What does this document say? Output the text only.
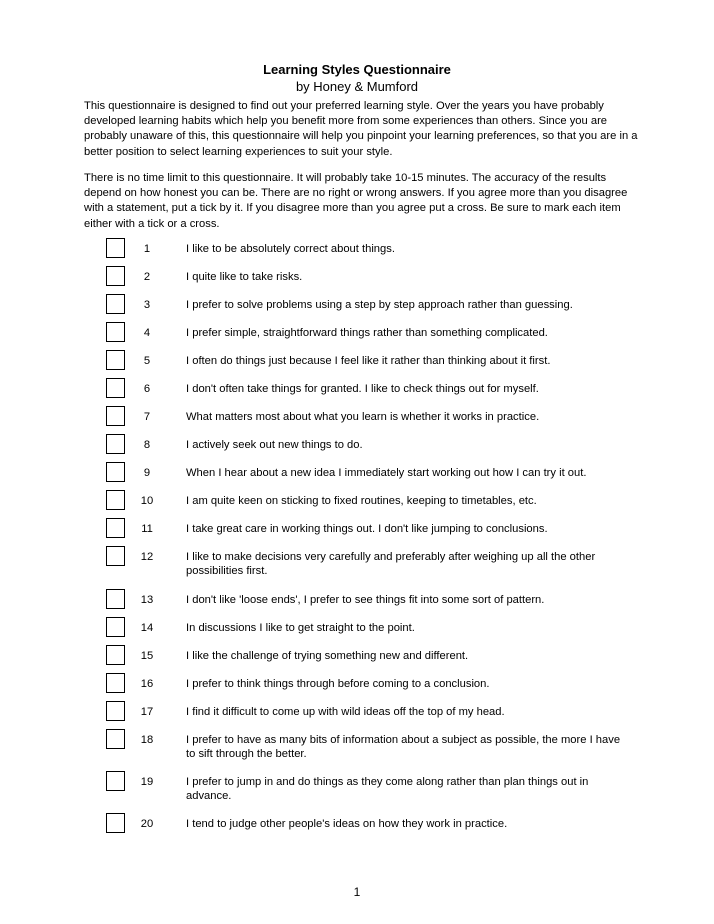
Learning Styles Questionnaire
by Honey & Mumford

This questionnaire is designed to find out your preferred learning style. Over the years you have probably developed learning habits which help you benefit more from some experiences than others. Since you are probably unaware of this, this questionnaire will help you pinpoint your learning preferences, so that you are in a better position to select learning experiences to suit your style.

There is no time limit to this questionnaire. It will probably take 10-15 minutes. The accuracy of the results depend on how honest you can be. There are no right or wrong answers. If you agree more than you disagree with a statement, put a tick by it. If you disagree more than you agree put a cross. Be sure to mark each item either with a tick or a cross.

1	I like to be absolutely correct about things.
2	I quite like to take risks.
3	I prefer to solve problems using a step by step approach rather than guessing.
4	I prefer simple, straightforward things rather than something complicated.
5	I often do things just because I feel like it rather than thinking about it first.
6	I don't often take things for granted. I like to check things out for myself.
7	What matters most about what you learn is whether it works in practice.
8	I actively seek out new things to do.
9	When I hear about a new idea I immediately start working out how I can try it out.
10	I am quite keen on sticking to fixed routines, keeping to timetables, etc.
11	I take great care in working things out. I don't like jumping to conclusions.
12	I like to make decisions very carefully and preferably after weighing up all the other possibilities first.
13	I don't like 'loose ends', I prefer to see things fit into some sort of pattern.
14	In discussions I like to get straight to the point.
15	I like the challenge of trying something new and different.
16	I prefer to think things through before coming to a conclusion.
17	I find it difficult to come up with wild ideas off the top of my head.
18	I prefer to have as many bits of information about a subject as possible, the more I have to sift through the better.
19	I prefer to jump in and do things as they come along rather than plan things out in advance.
20	I tend to judge other people's ideas on how they work in practice.
1
